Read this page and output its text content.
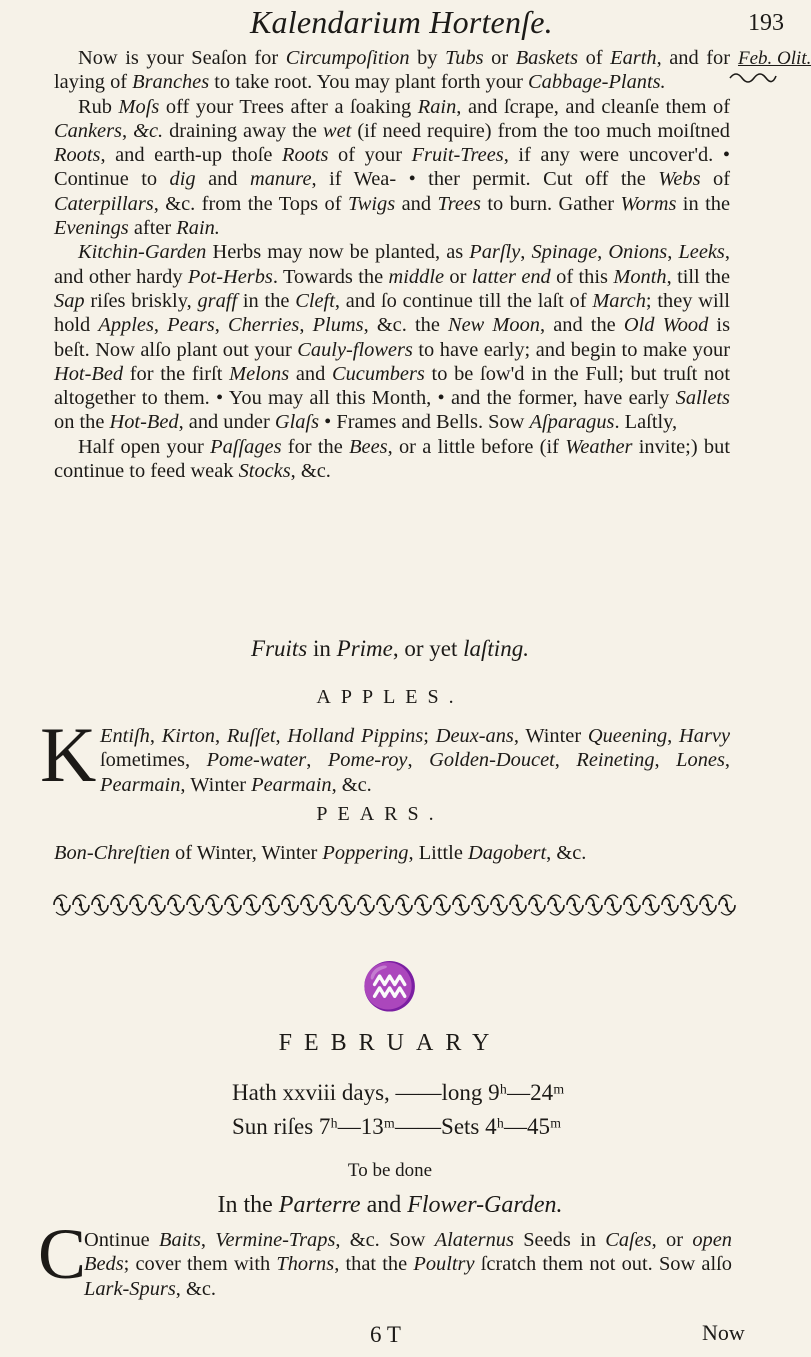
Kalendarium Hortenſe.	193
Feb. Olit.

Now is your Seaſon for Circumpoſition by Tubs or Baskets of Earth, and for laying of Branches to take root. You may plant forth your Cabbage-Plants.

Rub Moſs off your Trees after a ſoaking Rain, and ſcrape, and cleanſe them of Cankers, &c. draining away the wet (if need require) from the too much moiſtned Roots, and earth-up thoſe Roots of your Fruit-Trees, if any were uncover'd. • Continue to dig and manure, if Wea- • ther permit. Cut off the Webs of Caterpillars, &c. from the Tops of Twigs and Trees to burn. Gather Worms in the Evenings after Rain.

Kitchin-Garden Herbs may now be planted, as Parſly, Spinage, Onions, Leeks, and other hardy Pot-Herbs. Towards the middle or latter end of this Month, till the Sap riſes briskly, graff in the Cleft, and ſo continue till the laſt of March; they will hold Apples, Pears, Cherries, Plums, &c. the New Moon, and the Old Wood is beſt. Now alſo plant out your Cauly-flowers to have early; and begin to make your Hot-Bed for the firſt Melons and Cucumbers to be ſow'd in the Full; but truſt not altogether to them. • You may all this Month, • and the former, have early Sallets on the Hot-Bed, and under Glaſs • Frames and Bells. Sow Aſparagus. Laſtly,

Half open your Paſſages for the Bees, or a little before (if Weather invite;) but continue to feed weak Stocks, &c.

Fruits in Prime, or yet laſting.
APPLES.
K Entiſh, Kirton, Ruſſet, Holland Pippins; Deux-ans, Winter Queening, Harvy ſometimes, Pome-water, Pome-roy, Golden-Doucet, Reineting, Lones, Pearmain, Winter Pearmain, &c.
PEARS.
Bon-Chreſtien of Winter, Winter Poppering, Little Dagobert, &c.
♒
FEBRUARY
Hath xxviii days, ——long 9ʰ—24ᵐ
Sun riſes 7ʰ—13ᵐ——Sets 4ʰ—45ᵐ
To be done
In the Parterre and Flower-Garden.
C
Ontinue Baits, Vermine-Traps, &c. Sow Alaternus Seeds in Caſes, or open Beds; cover them with Thorns, that the Poultry ſcratch them not out. Sow alſo Lark-Spurs, &c.
6 T	Now
